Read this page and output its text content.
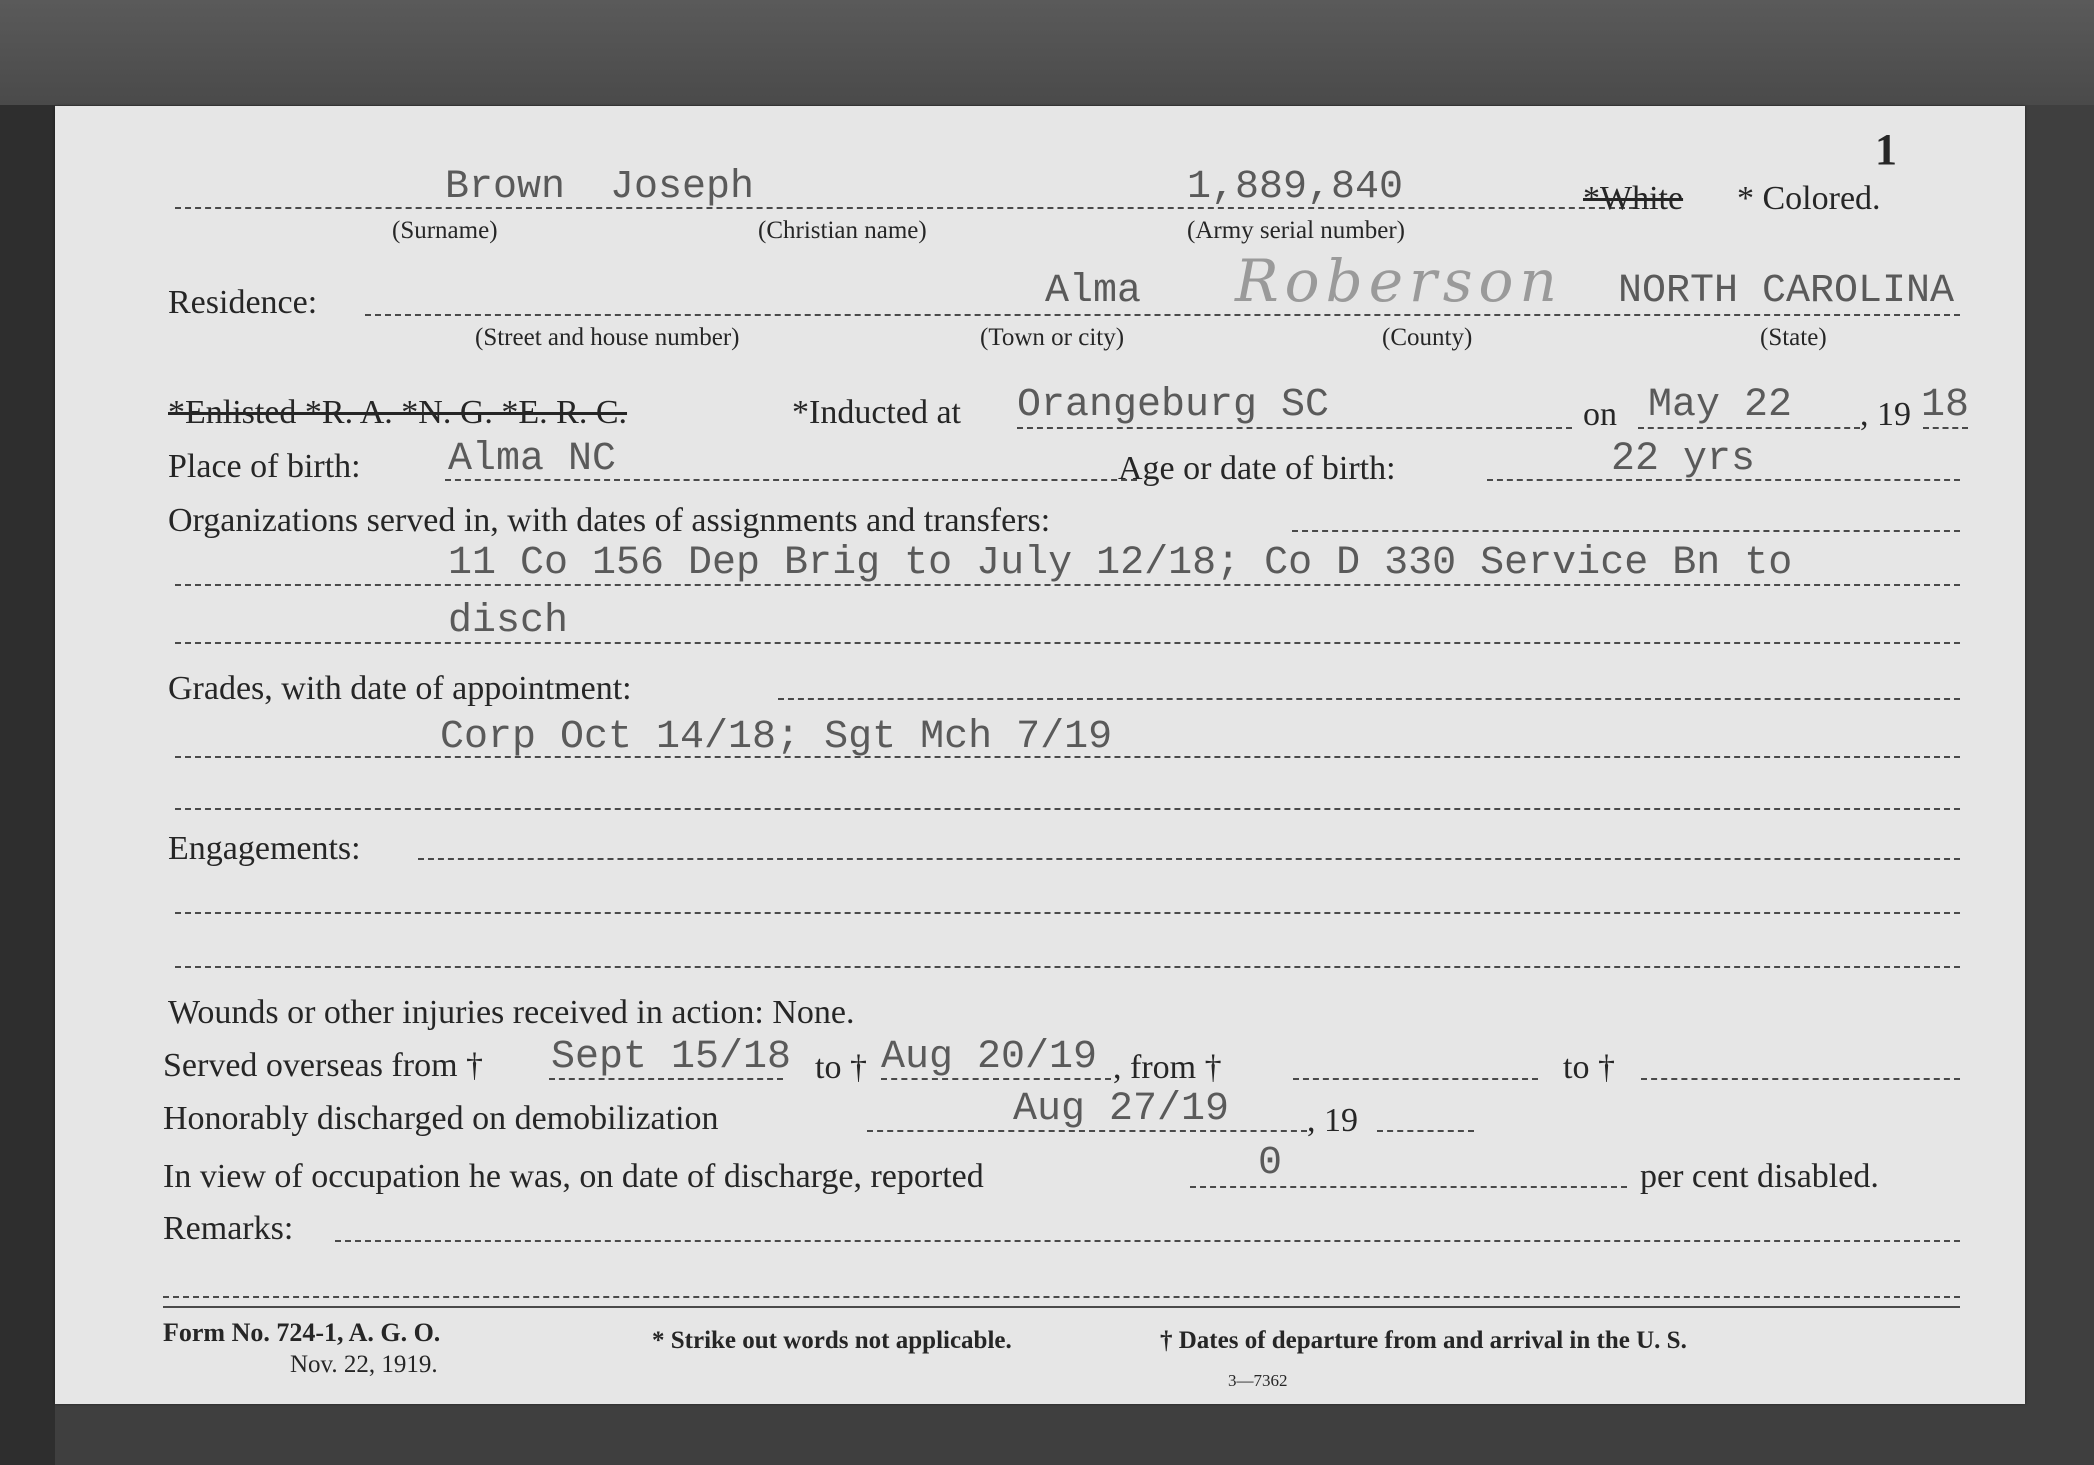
1
Brown Joseph	1,889,840	*White * Colored.
(Surname)	(Christian name)	(Army serial number)
Residence:	Alma Roberson NORTH CAROLINA
(Street and house number)	(Town or city)	(County)	(State)
*Enlisted *R. A. *N. G. *E. R. C.	*Inducted at Orangeburg SC	on May 22 , 19 18
Place of birth: Alma NC	Age or date of birth:	22 yrs
Organizations served in, with dates of assignments and transfers:
11 Co 156 Dep Brig to July 12/18; Co D 330 Service Bn to
disch
Grades, with date of appointment:
Corp Oct 14/18; Sgt Mch 7/19
Engagements:
Wounds or other injuries received in action: None.
Served overseas from † Sept 15/18 to † Aug 20/19 , from †	to †
Honorably discharged on demobilization	Aug 27/19 , 19
In view of occupation he was, on date of discharge, reported	0	per cent disabled.
Remarks:
Form No. 724-1, A. G. O.
Nov. 22, 1919.
* Strike out words not applicable.	† Dates of departure from and arrival in the U. S.
3—7362
